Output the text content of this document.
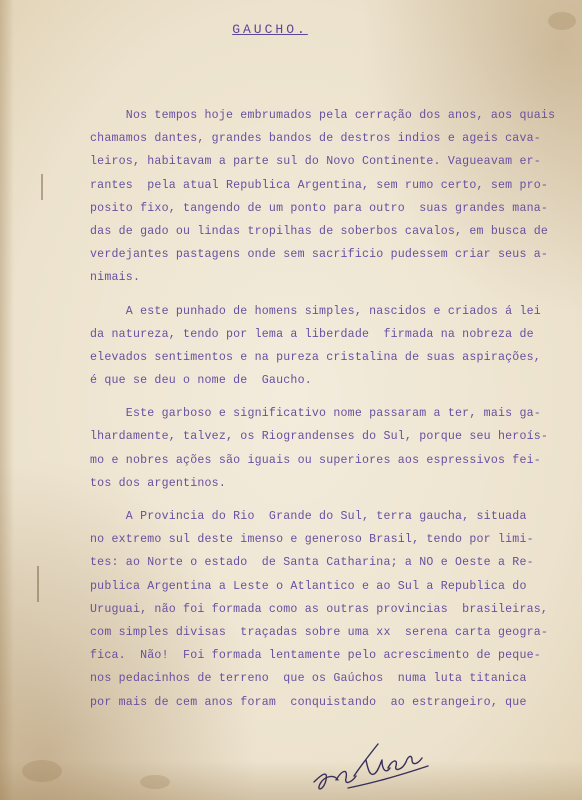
GAUCHO.
Nos tempos hoje embrumados pela cerração dos anos, aos quais
chamamos dantes, grandes bandos de destros indios e ageis cava-
leiros, habitavam a parte sul do Novo Continente. Vagueavam er-
rantes  pela atual Republica Argentina, sem rumo certo, sem pro-
posito fixo, tangendo de um ponto para outro  suas grandes mana-
das de gado ou lindas tropilhas de soberbos cavalos, em busca de
verdejantes pastagens onde sem sacrificio pudessem criar seus a-
nimais.
A este punhado de homens simples, nascidos e criados á lei
da natureza, tendo por lema a liberdade  firmada na nobreza de
elevados sentimentos e na pureza cristalina de suas aspirações,
é que se deu o nome de  Gaucho.
Este garboso e significativo nome passaram a ter, mais ga-
lhardamente, talvez, os Riograndenses do Sul, porque seu heroís-
mo e nobres ações são iguais ou superiores aos espressivos fei-
tos dos argentinos.
A Provincia do Rio  Grande do Sul, terra gaucha, situada
no extremo sul deste imenso e generoso Brasil, tendo por limi-
tes: ao Norte o estado  de Santa Catharina; a NO e Oeste a Re-
publica Argentina a Leste o Atlantico e ao Sul a Republica do
Uruguai, não foi formada como as outras provincias  brasileiras,
com simples divisas  traçadas sobre uma xx  serena carta geogra-
fica.  Não!  Foi formada lentamente pelo acrescimento de peque-
nos pedacinhos de terreno  que os Gaúchos  numa luta titanica
por mais de cem anos foram  conquistando  ao estrangeiro, que
